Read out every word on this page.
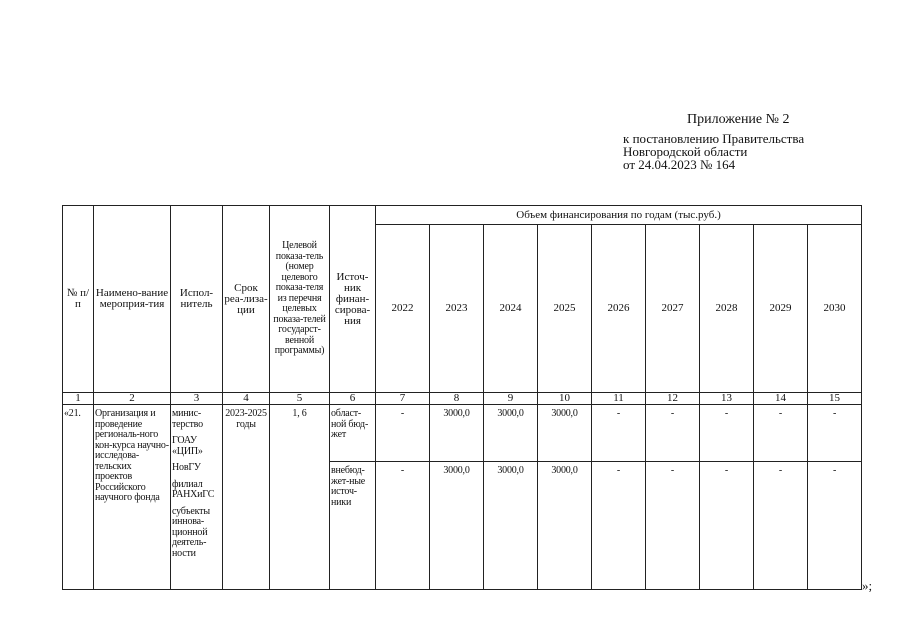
Приложение № 2
к постановлению Правительства
Новгородской области
от 24.04.2023 № 164
№ п/п	Наимено-вание мероприя-тия	Испол-нитель	Срок реа-лиза-ции	Целевой показа-тель (номер целевого показа-теля из перечня целевых показа-телей государст-венной программы)	Источ-ник финан-сирова-ния	Объем финансирования по годам (тыс.руб.)								
						2022	2023	2024	2025	2026	2027	2028	2029	2030
1	2	3	4	5	6	7	8	9	10	11	12	13	14	15
«21.	Организация и проведение региональ-ного кон-курса научно-исследова-тельских проектов Российского научного фонда	минис-терство
ГОАУ «ЦИП»
НовГУ
филиал РАНХиГС
субъекты иннова-ционной деятель-ности	2023-2025 годы	1, 6	област-ной бюд-жет	-	3000,0	3000,0	3000,0	-	-	-	-	-
					внебюд-жет-ные источ-ники	-	3000,0	3000,0	3000,0	-	-	-	-	-
»;
